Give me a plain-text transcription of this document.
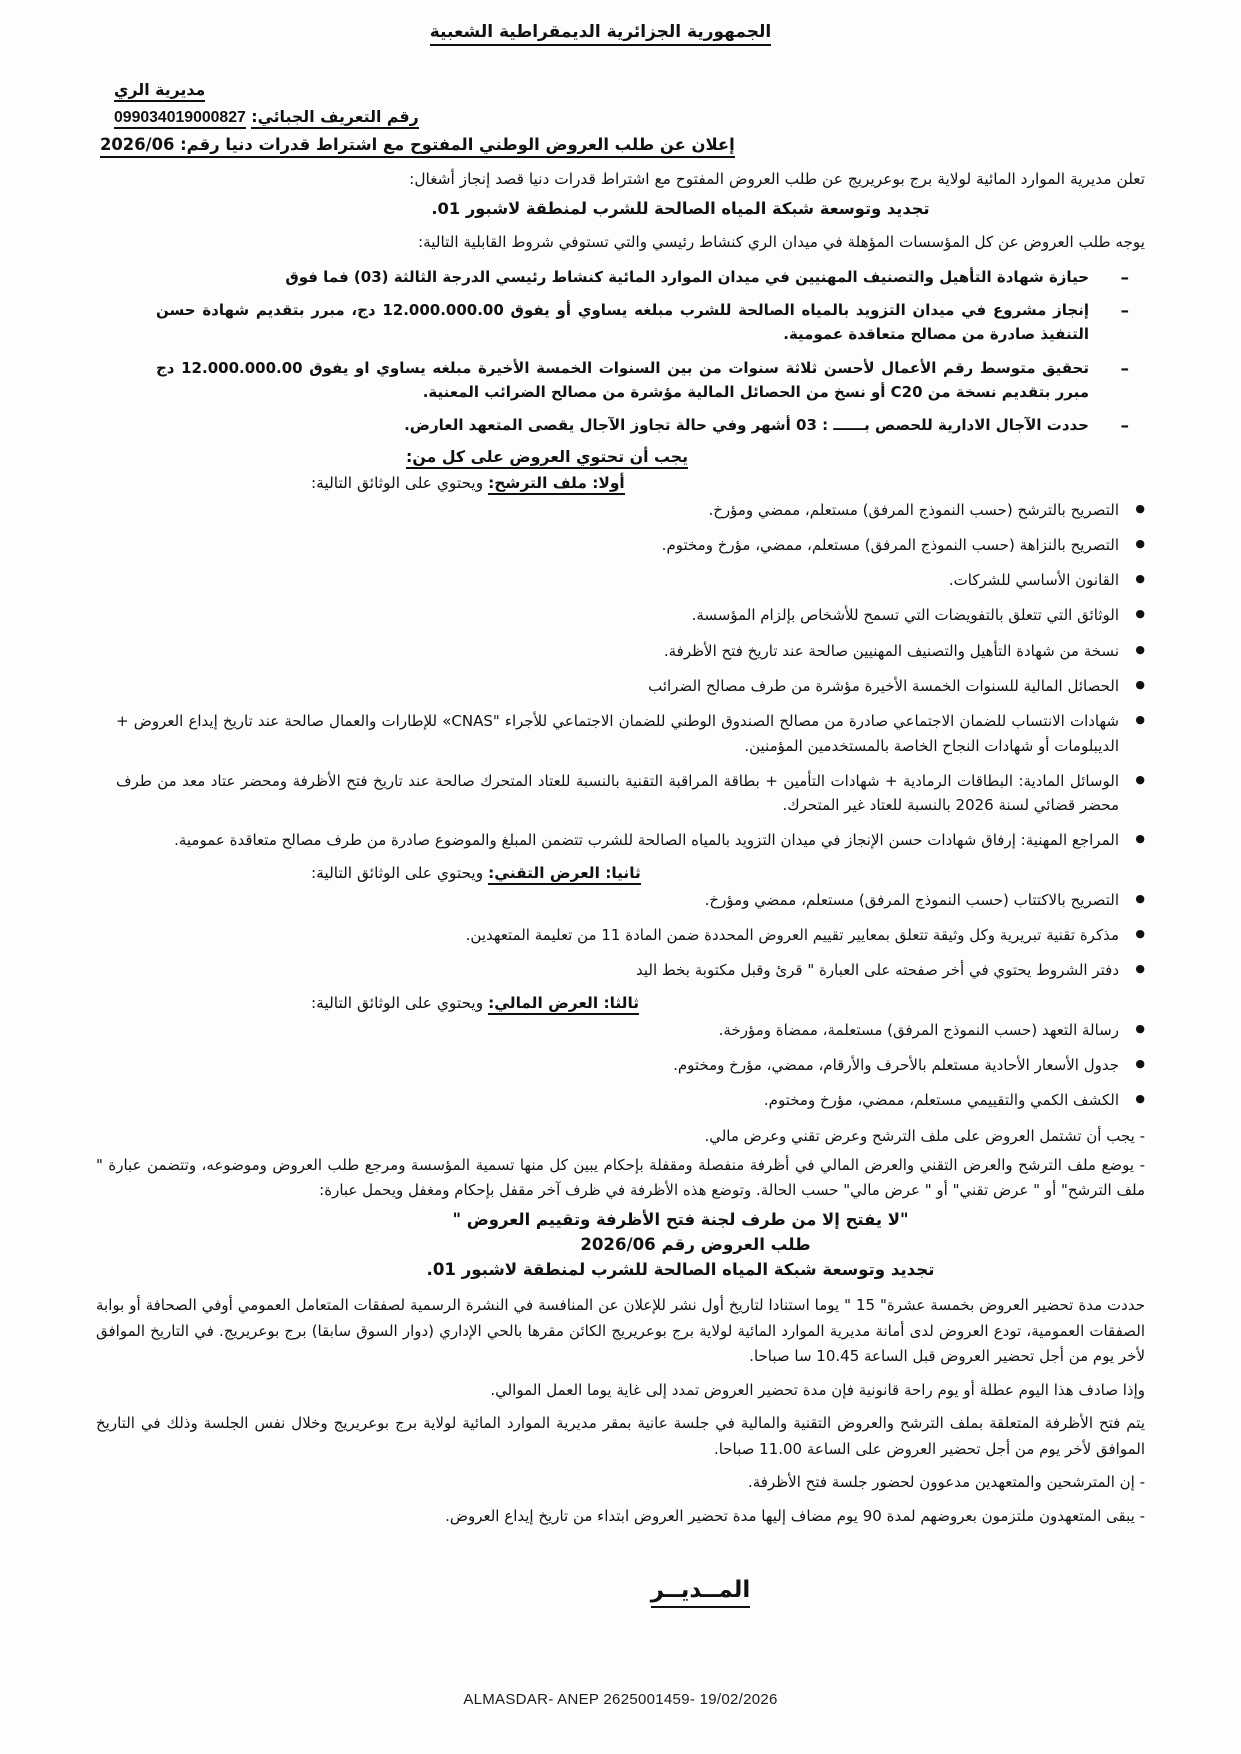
الجمهورية الجزائرية الديمقراطية الشعبية
مديرية الري
رقم التعريف الجبائي: 099034019000827
إعلان عن طلب العروض الوطني المفتوح مع اشتراط قدرات دنيا رقم: 2026/06

تعلن مديرية الموارد المائية لولاية برج بوعريريج عن طلب العروض المفتوح مع اشتراط قدرات دنيا قصد إنجاز أشغال:

تجديد وتوسعة شبكة المياه الصالحة للشرب لمنطقة لاشبور 01.

يوجه طلب العروض عن كل المؤسسات المؤهلة في ميدان الري كنشاط رئيسي والتي تستوفي شروط القابلية التالية:

– حيازة شهادة التأهيل والتصنيف المهنيين في ميدان الموارد المائية كنشاط رئيسي الدرجة الثالثة (03) فما فوق
– إنجاز مشروع في ميدان التزويد بالمياه الصالحة للشرب مبلغه يساوي أو يفوق 12.000.000.00 دج، مبرر بتقديم شهادة حسن التنفيذ صادرة من مصالح متعاقدة عمومية.
– تحقيق متوسط رقم الأعمال لأحسن ثلاثة سنوات من بين السنوات الخمسة الأخيرة مبلغه يساوي او يفوق 12.000.000.00 دج مبرر بتقديم نسخة من C20 أو نسخ من الحصائل المالية مؤشرة من مصالح الضرائب المعنية.
– حددت الآجال الادارية للحصص بــــــ : 03 أشهر وفي حالة تجاوز الآجال يقصى المتعهد العارض.
يجب أن تحتوي العروض على كل من:
أولا: ملف الترشح: ويحتوي على الوثائق التالية:
● التصريح بالترشح (حسب النموذج المرفق) مستعلم، ممضي ومؤرخ.
● التصريح بالنزاهة (حسب النموذج المرفق) مستعلم، ممضي، مؤرخ ومختوم.
● القانون الأساسي للشركات.
● الوثائق التي تتعلق بالتفويضات التي تسمح للأشخاص بإلزام المؤسسة.
● نسخة من شهادة التأهيل والتصنيف المهنيين صالحة عند تاريخ فتح الأظرفة.
● الحصائل المالية للسنوات الخمسة الأخيرة مؤشرة من طرف مصالح الضرائب
● شهادات الانتساب للضمان الاجتماعي صادرة من مصالح الصندوق الوطني للضمان الاجتماعي للأجراء "CNAS» للإطارات والعمال صالحة عند تاريخ إيداع العروض + الديبلومات أو شهادات النجاح الخاصة بالمستخدمين المؤمنين.
● الوسائل المادية: البطاقات الرمادية + شهادات التأمين + بطاقة المراقبة التقنية بالنسبة للعتاد المتحرك صالحة عند تاريخ فتح الأظرفة ومحضر عتاد معد من طرف محضر قضائي لسنة 2026 بالنسبة للعتاد غير المتحرك.
● المراجع المهنية: إرفاق شهادات حسن الإنجاز في ميدان التزويد بالمياه الصالحة للشرب تتضمن المبلغ والموضوع صادرة من طرف مصالح متعاقدة عمومية.
ثانيا: العرض التقني: ويحتوي على الوثائق التالية:
● التصريح بالاكتتاب (حسب النموذج المرفق) مستعلم، ممضي ومؤرخ.
● مذكرة تقنية تبريرية وكل وثيقة تتعلق بمعايير تقييم العروض المحددة ضمن المادة 11 من تعليمة المتعهدين.
● دفتر الشروط يحتوي في أخر صفحته على العبارة " قرئ وقبل مكتوبة بخط اليد
ثالثا: العرض المالي: ويحتوي على الوثائق التالية:
● رسالة التعهد (حسب النموذج المرفق) مستعلمة، ممضاة ومؤرخة.
● جدول الأسعار الأحادية مستعلم بالأحرف والأرقام، ممضي، مؤرخ ومختوم.
● الكشف الكمي والتقييمي مستعلم، ممضي، مؤرخ ومختوم.

- يجب أن تشتمل العروض على ملف الترشح وعرض تقني وعرض مالي.

- يوضع ملف الترشح والعرض التقني والعرض المالي في أظرفة منفصلة ومقفلة بإحكام يبين كل منها تسمية المؤسسة ومرجع طلب العروض وموضوعه، وتتضمن عبارة " ملف الترشح" أو " عرض تقني" أو " عرض مالي" حسب الحالة. وتوضع هذه الأظرفة في ظرف آخر مقفل بإحكام ومغفل ويحمل عبارة:

"لا يفتح إلا من طرف لجنة فتح الأظرفة وتقييم العروض "
طلب العروض رقم 2026/06
تجديد وتوسعة شبكة المياه الصالحة للشرب لمنطقة لاشبور 01.

حددت مدة تحضير العروض بخمسة عشرة" 15 " يوما استنادا لتاريخ أول نشر للإعلان عن المنافسة في النشرة الرسمية لصفقات المتعامل العمومي أوفي الصحافة أو بوابة الصفقات العمومية، تودع العروض لدى أمانة مديرية الموارد المائية لولاية برج بوعريريج الكائن مقرها بالحي الإداري (دوار السوق سابقا) برج بوعريريج. في التاريخ الموافق لأخر يوم من أجل تحضير العروض قبل الساعة 10.45 سا صباحا.

وإذا صادف هذا اليوم عطلة أو يوم راحة قانونية فإن مدة تحضير العروض تمدد إلى غاية يوما العمل الموالي.

يتم فتح الأظرفة المتعلقة بملف الترشح والعروض التقنية والمالية في جلسة عانية بمقر مديرية الموارد المائية لولاية برج بوعريريج وخلال نفس الجلسة وذلك في التاريخ الموافق لأخر يوم من أجل تحضير العروض على الساعة 11.00 صباحا.

- إن المترشحين والمتعهدين مدعوون لحضور جلسة فتح الأظرفة.

- يبقى المتعهدون ملتزمون بعروضهم لمدة 90 يوم مضاف إليها مدة تحضير العروض ابتداء من تاريخ إيداع العروض.

المــديــر
ALMASDAR- ANEP 2625001459- 19/02/2026
